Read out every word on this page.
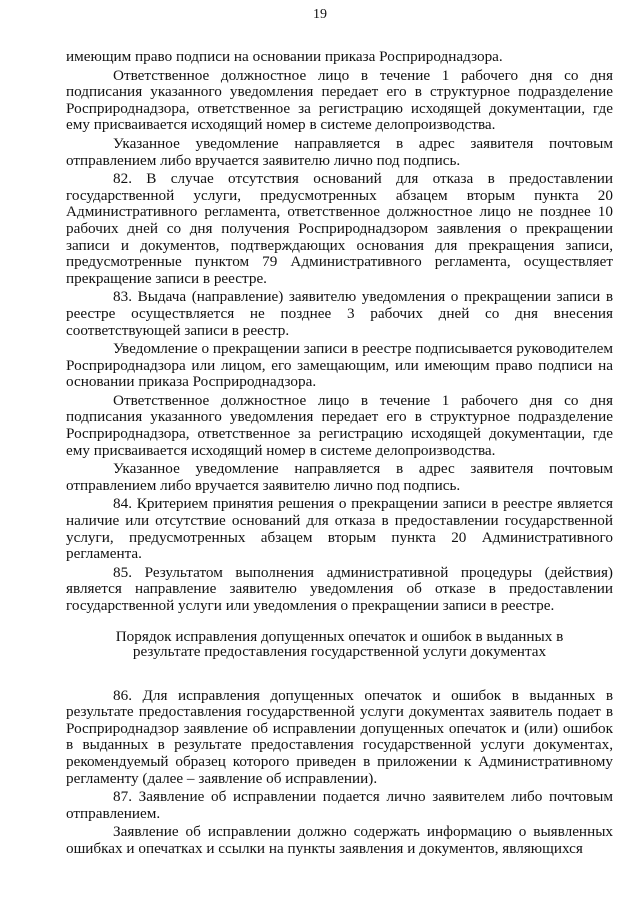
19

имеющим право подписи на основании приказа Росприроднадзора.

Ответственное должностное лицо в течение 1 рабочего дня со дня подписания указанного уведомления передает его в структурное подразделение Росприроднадзора, ответственное за регистрацию исходящей документации, где ему присваивается исходящий номер в системе делопроизводства.

Указанное уведомление направляется в адрес заявителя почтовым отправлением либо вручается заявителю лично под подпись.

82. В случае отсутствия оснований для отказа в предоставлении государственной услуги, предусмотренных абзацем вторым пункта 20 Административного регламента, ответственное должностное лицо не позднее 10 рабочих дней со дня получения Росприроднадзором заявления о прекращении записи и документов, подтверждающих основания для прекращения записи, предусмотренные пунктом 79 Административного регламента, осуществляет прекращение записи в реестре.

83. Выдача (направление) заявителю уведомления о прекращении записи в реестре осуществляется не позднее 3 рабочих дней со дня внесения соответствующей записи в реестр.

Уведомление о прекращении записи в реестре подписывается руководителем Росприроднадзора или лицом, его замещающим, или имеющим право подписи на основании приказа Росприроднадзора.

Ответственное должностное лицо в течение 1 рабочего дня со дня подписания указанного уведомления передает его в структурное подразделение Росприроднадзора, ответственное за регистрацию исходящей документации, где ему присваивается исходящий номер в системе делопроизводства.

Указанное уведомление направляется в адрес заявителя почтовым отправлением либо вручается заявителю лично под подпись.

84. Критерием принятия решения о прекращении записи в реестре является наличие или отсутствие оснований для отказа в предоставлении государственной услуги, предусмотренных абзацем вторым пункта 20 Административного регламента.

85. Результатом выполнения административной процедуры (действия) является направление заявителю уведомления об отказе в предоставлении государственной услуги или уведомления о прекращении записи в реестре.

Порядок исправления допущенных опечаток и ошибок в выданных в результате предоставления государственной услуги документах

86. Для исправления допущенных опечаток и ошибок в выданных в результате предоставления государственной услуги документах заявитель подает в Росприроднадзор заявление об исправлении допущенных опечаток и (или) ошибок в выданных в результате предоставления государственной услуги документах, рекомендуемый образец которого приведен в приложении к Административному регламенту (далее – заявление об исправлении).

87. Заявление об исправлении подается лично заявителем либо почтовым отправлением.

Заявление об исправлении должно содержать информацию о выявленных ошибках и опечатках и ссылки на пункты заявления и документов, являющихся
